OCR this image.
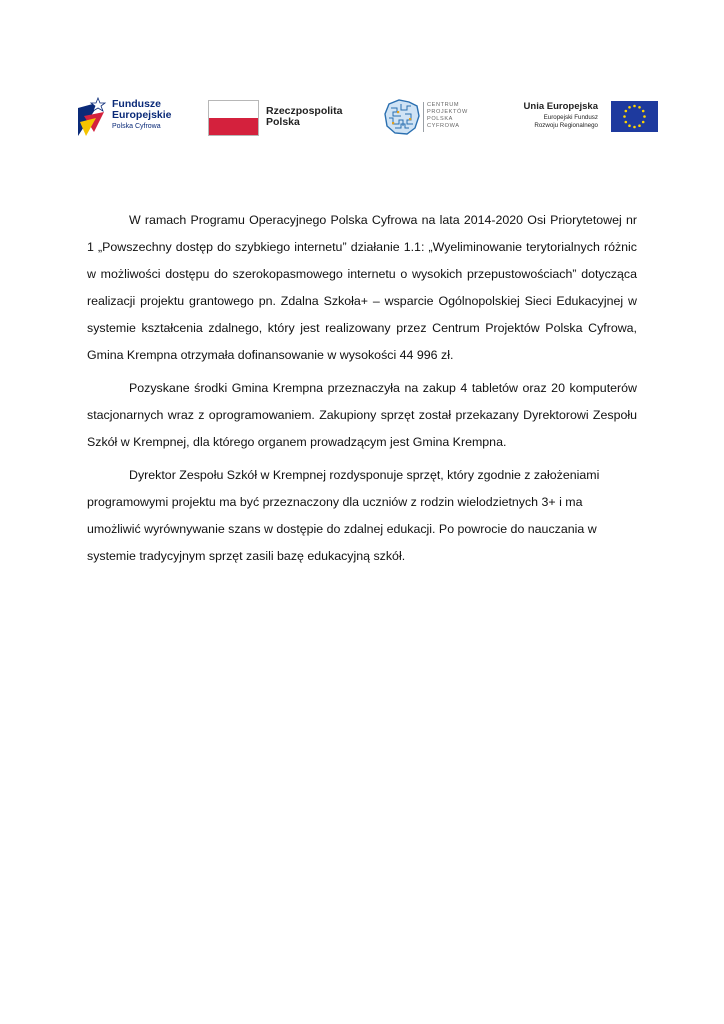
Fundusze
Europejskie
Polska Cyfrowa
Rzeczpospolita
Polska
CENTRUM
PROJEKTÓW
POLSKA
CYFROWA
Unia Europejska
Europejski Fundusz
Rozwoju Regionalnego

W ramach Programu Operacyjnego Polska Cyfrowa na lata 2014-2020 Osi Priorytetowej nr 1 „Powszechny dostęp do szybkiego internetu” działanie 1.1: „Wyeliminowanie terytorialnych różnic w możliwości dostępu do szerokopasmowego internetu o wysokich przepustowościach” dotycząca realizacji projektu grantowego pn. Zdalna Szkoła+ – wsparcie Ogólnopolskiej Sieci Edukacyjnej w systemie kształcenia zdalnego, który jest realizowany przez Centrum Projektów Polska Cyfrowa, Gmina Krempna otrzymała dofinansowanie w wysokości 44 996 zł.

Pozyskane środki Gmina Krempna przeznaczyła na zakup 4 tabletów oraz 20 komputerów stacjonarnych wraz z oprogramowaniem. Zakupiony sprzęt został przekazany Dyrektorowi Zespołu Szkół w Krempnej, dla którego organem prowadzącym jest Gmina Krempna.

Dyrektor Zespołu Szkół w Krempnej rozdysponuje sprzęt, który zgodnie z założeniami programowymi projektu ma być przeznaczony dla uczniów z rodzin wielodzietnych 3+ i ma umożliwić wyrównywanie szans w dostępie do zdalnej edukacji. Po powrocie do nauczania w systemie tradycyjnym sprzęt zasili bazę edukacyjną szkół.
